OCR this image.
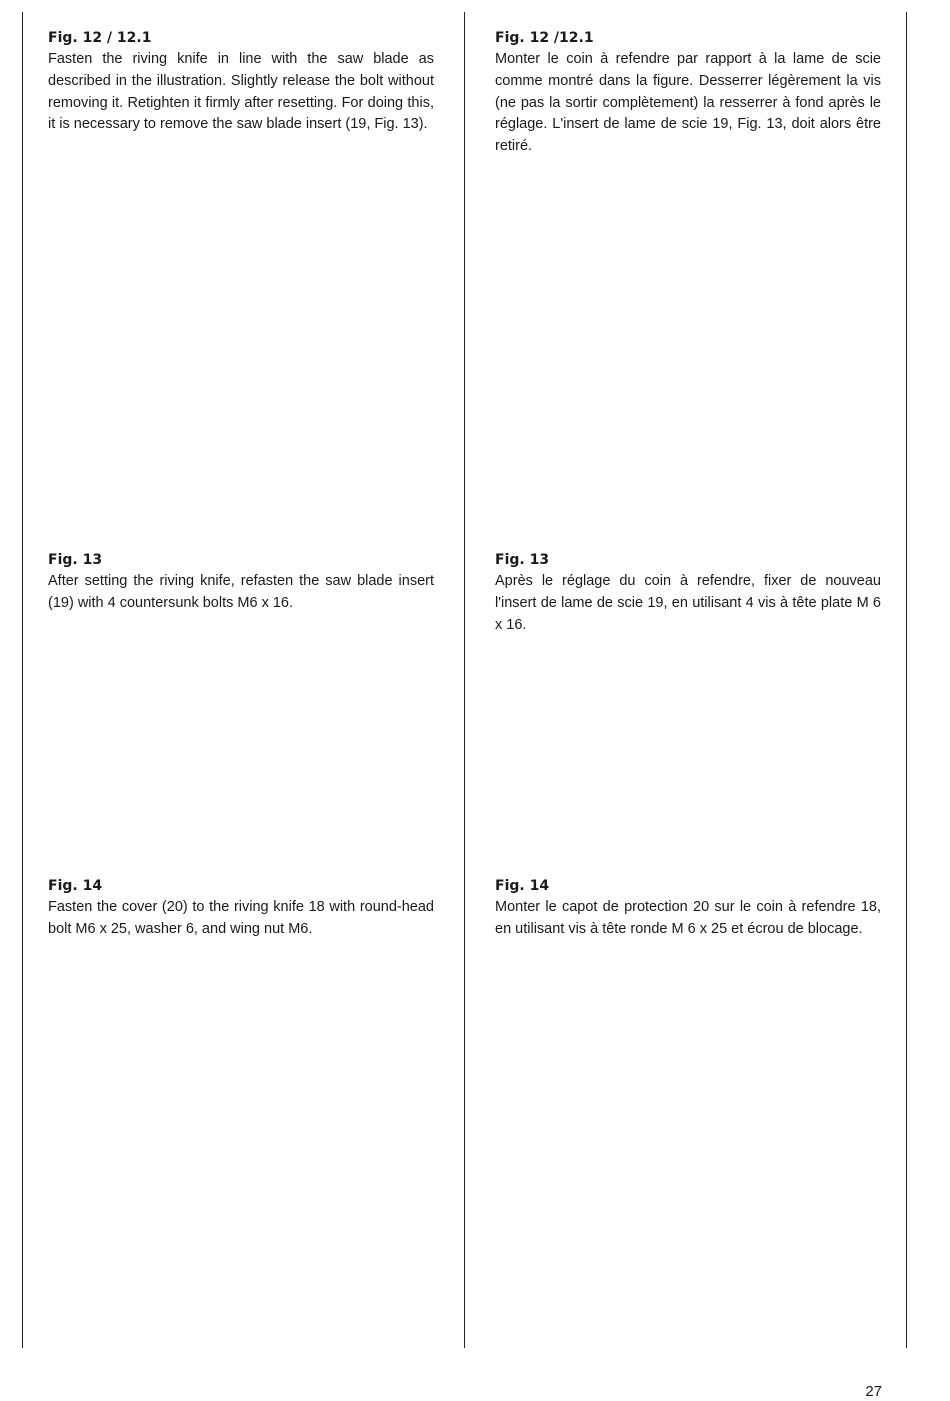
Fig. 12 / 12.1

Fasten the riving knife in line with the saw blade as described in the illustration. Slightly release the bolt without removing it. Retighten it firmly after resetting. For doing this, it is necessary to remove the saw blade insert (19, Fig. 13).

Fig. 13

After setting the riving knife, refasten the saw blade insert (19) with 4 countersunk bolts M6 x 16.

Fig. 14

Fasten the cover (20) to the riving knife 18 with round-head bolt M6 x 25, washer 6, and wing nut M6.

Fig. 12 /12.1

Monter le coin à refendre par rapport à la lame de scie comme montré dans la figure. Desserrer légèrement la vis (ne pas la sortir complètement) la resserrer à fond après le réglage. L'insert de lame de scie 19, Fig. 13, doit alors être retiré.

Fig. 13

Après le réglage du coin à refendre, fixer de nouveau l'insert de lame de scie 19, en utilisant 4 vis à tête plate M 6 x 16.

Fig. 14

Monter le capot de protection 20 sur le coin à refendre 18, en utilisant vis à tête ronde M 6 x 25 et écrou de blocage.

27
